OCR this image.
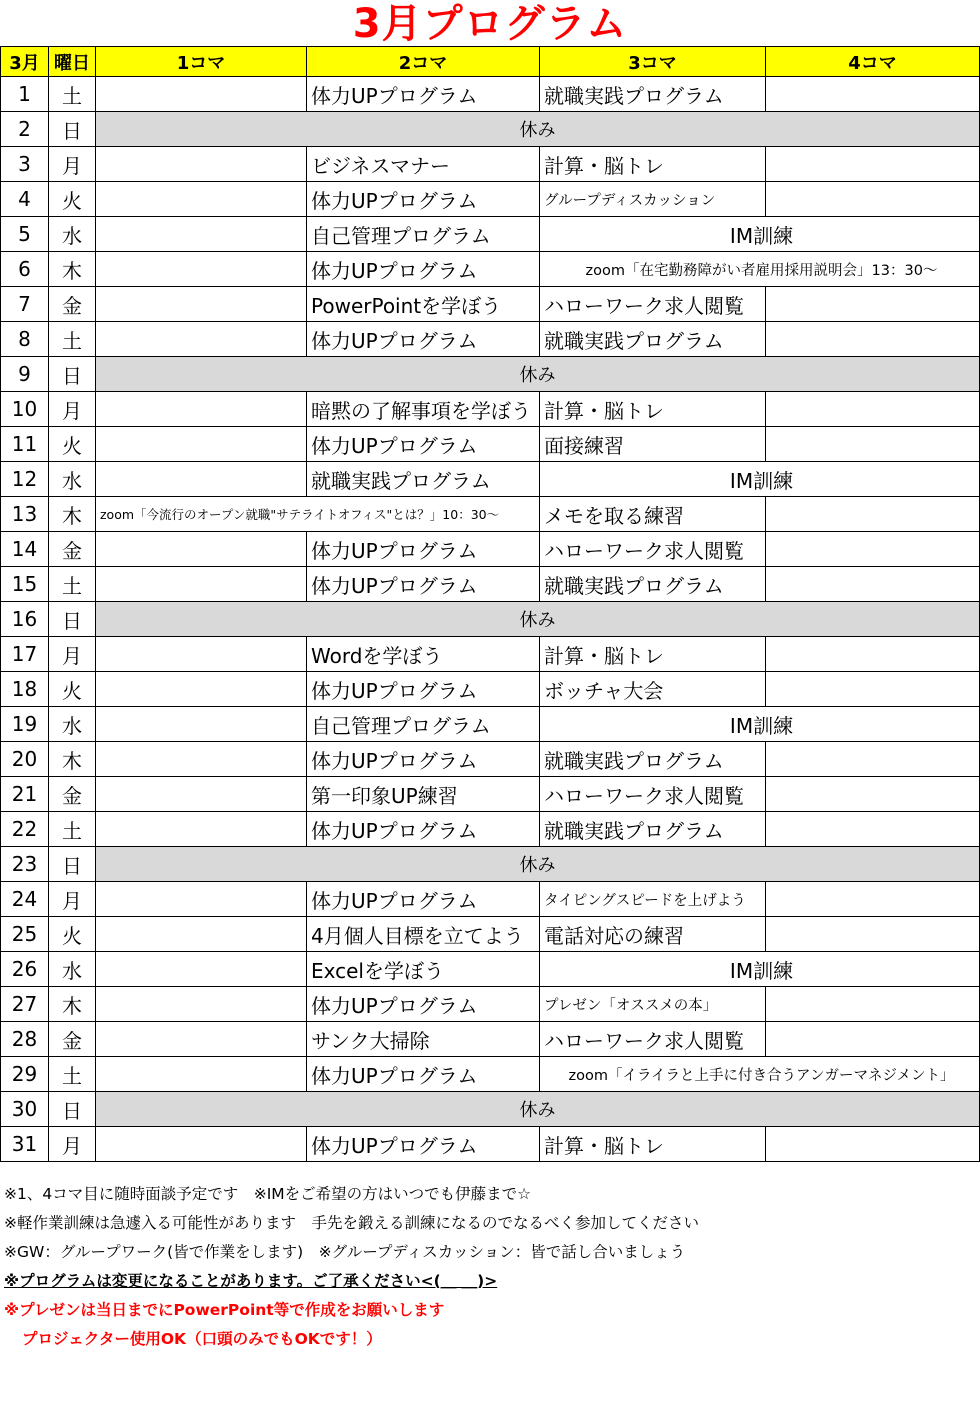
3月プログラム
3月	曜日	1コマ	2コマ	3コマ	4コマ
1	土		体力UPプログラム	就職実践プログラム	
2	日	休み			
3	月		ビジネスマナー	計算・脳トレ	
4	火		体力UPプログラム	グループディスカッション	
5	水		自己管理プログラム	IM訓練	
6	木		体力UPプログラム	zoom「在宅勤務障がい者雇用採用説明会」13：30～	
7	金		PowerPointを学ぼう	ハローワーク求人閲覧	
8	土		体力UPプログラム	就職実践プログラム	
9	日	休み			
10	月		暗黙の了解事項を学ぼう	計算・脳トレ	
11	火		体力UPプログラム	面接練習	
12	水		就職実践プログラム	IM訓練	
13	木	zoom「今流行のオープン就職"サテライトオフィス"とは？」10：30～		メモを取る練習	
14	金		体力UPプログラム	ハローワーク求人閲覧	
15	土		体力UPプログラム	就職実践プログラム	
16	日	休み			
17	月		Wordを学ぼう	計算・脳トレ	
18	火		体力UPプログラム	ボッチャ大会	
19	水		自己管理プログラム	IM訓練	
20	木		体力UPプログラム	就職実践プログラム	
21	金		第一印象UP練習	ハローワーク求人閲覧	
22	土		体力UPプログラム	就職実践プログラム	
23	日	休み			
24	月		体力UPプログラム	タイピングスピードを上げよう	
25	火		4月個人目標を立てよう	電話対応の練習	
26	水		Excelを学ぼう	IM訓練	
27	木		体力UPプログラム	プレゼン「オススメの本」	
28	金		サンク大掃除	ハローワーク求人閲覧	
29	土		体力UPプログラム	zoom「イライラと上手に付き合うアンガーマネジメント」	
30	日	休み			
31	月		体力UPプログラム	計算・脳トレ	
※1、4コマ目に随時面談予定です　※IMをご希望の方はいつでも伊藤まで☆
※軽作業訓練は急遽入る可能性があります　手先を鍛える訓練になるのでなるべく参加してください
※GW：グループワーク(皆で作業をします)　※グループディスカッション：皆で話し合いましょう
※プログラムは変更になることがあります。ご了承ください<(＿ ＿)>
※プレゼンは当日までにPowerPoint等で作成をお願いします
プロジェクター使用OK（口頭のみでもOKです！）
